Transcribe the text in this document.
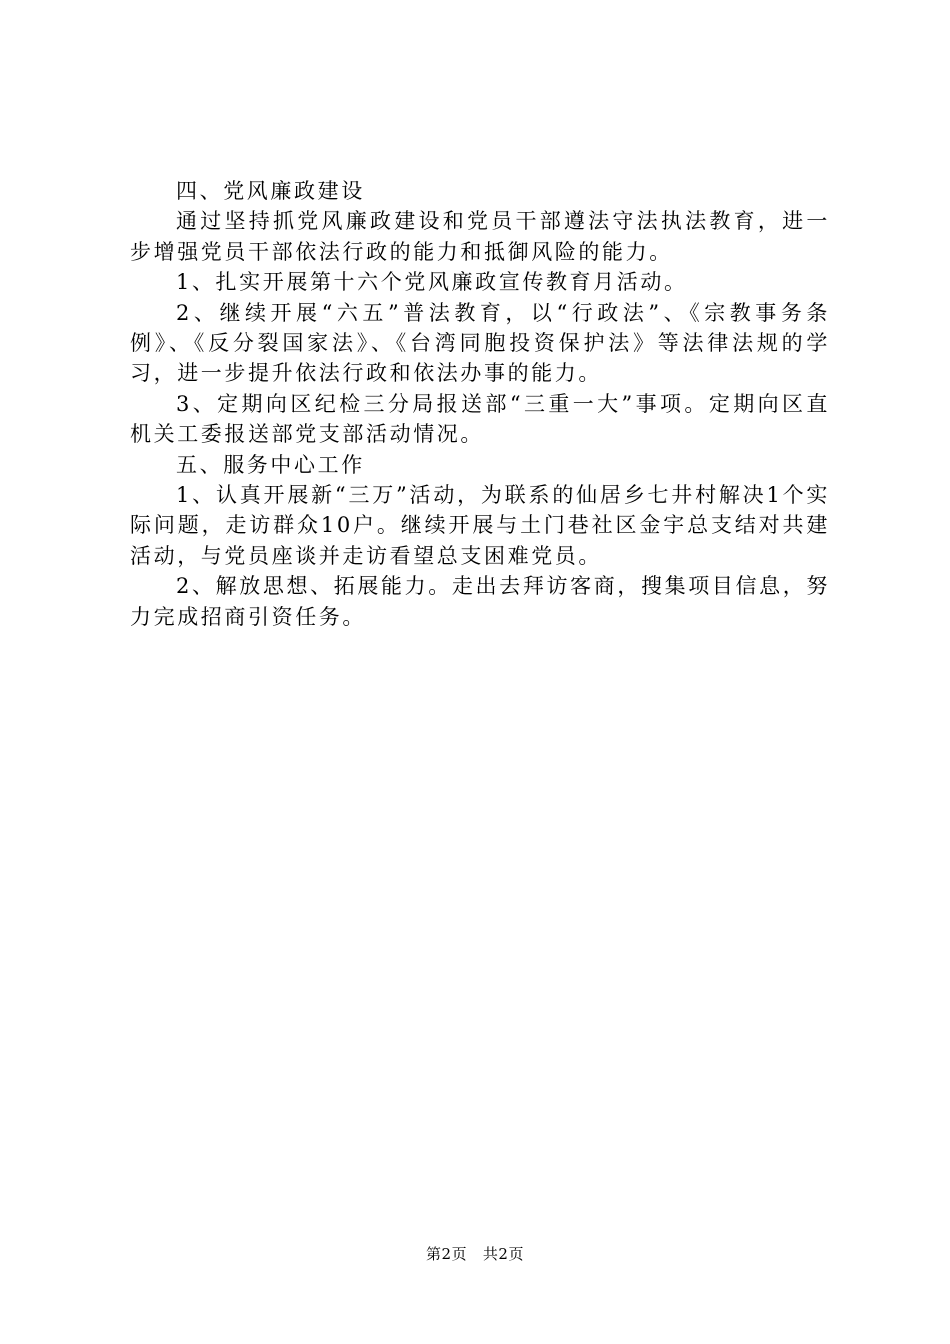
四、党风廉政建设

通过坚持抓党风廉政建设和党员干部遵法守法执法教育，进一步增强党员干部依法行政的能力和抵御风险的能力。

1、扎实开展第十六个党风廉政宣传教育月活动。

2、继续开展“六五”普法教育，以“行政法”、《宗教事务条例》、《反分裂国家法》、《台湾同胞投资保护法》等法律法规的学习，进一步提升依法行政和依法办事的能力。

3、定期向区纪检三分局报送部“三重一大”事项。定期向区直机关工委报送部党支部活动情况。

五、服务中心工作

1、认真开展新“三万”活动，为联系的仙居乡七井村解决1个实际问题，走访群众10户。继续开展与土门巷社区金宇总支结对共建活动，与党员座谈并走访看望总支困难党员。

2、解放思想、拓展能力。走出去拜访客商，搜集项目信息，努力完成招商引资任务。

第2页 共2页
